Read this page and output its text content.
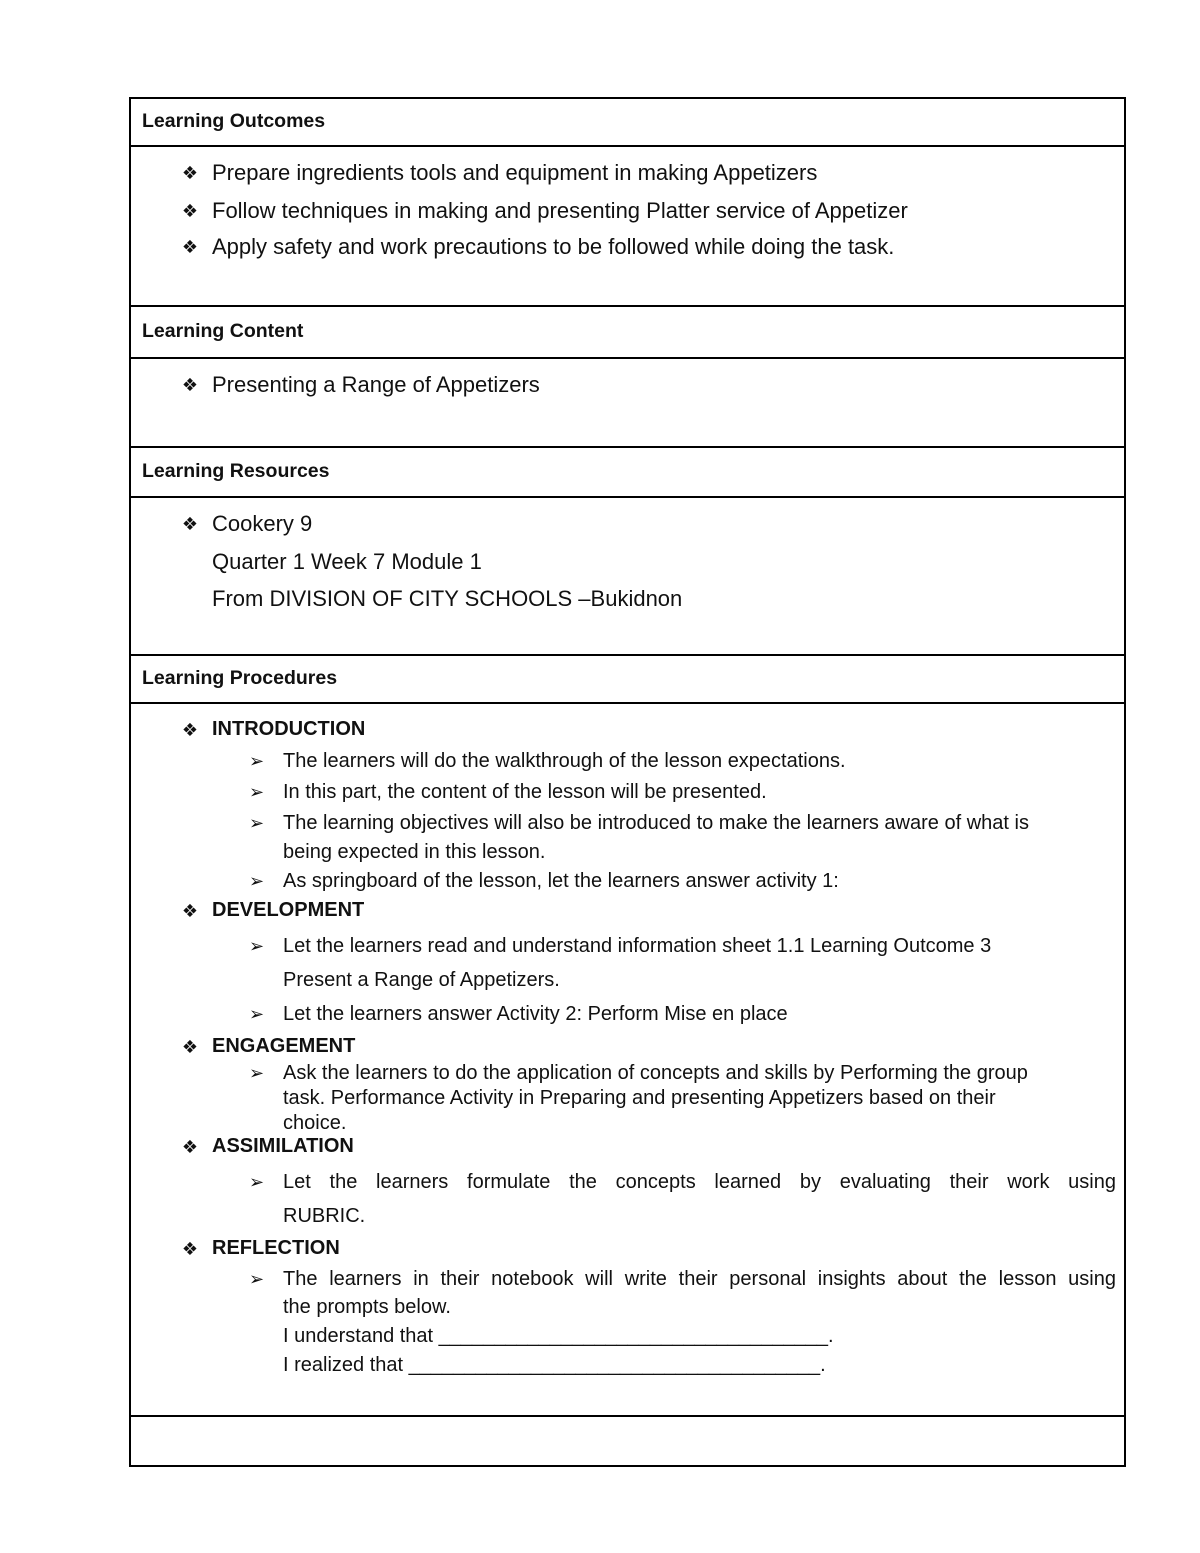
Learning Outcomes
❖ Prepare ingredients tools and equipment in making Appetizers
❖ Follow techniques in making and presenting Platter service of Appetizer
❖ Apply safety and work precautions to be followed while doing the task.
Learning Content
❖ Presenting a Range of Appetizers
Learning Resources
❖ Cookery 9
Quarter 1 Week 7 Module 1
From DIVISION OF CITY SCHOOLS –Bukidnon
Learning Procedures
❖ INTRODUCTION
➢ The learners will do the walkthrough of the lesson expectations.
➢ In this part, the content of the lesson will be presented.
➢ The learning objectives will also be introduced to make the learners aware of what is
being expected in this lesson.
➢ As springboard of the lesson, let the learners answer activity 1:
❖ DEVELOPMENT
➢ Let the learners read and understand information sheet 1.1 Learning Outcome 3
Present a Range of Appetizers.
➢ Let the learners answer Activity 2: Perform Mise en place
❖ ENGAGEMENT
➢ Ask the learners to do the application of concepts and skills by Performing the group
task. Performance Activity in Preparing and presenting Appetizers based on their
choice.
❖ ASSIMILATION
➢ Let the learners formulate the concepts learned by evaluating their work using
RUBRIC.
❖ REFLECTION
➢ The learners in their notebook will write their personal insights about the lesson using
the prompts below.
I understand that ___________________________________.
I realized that _____________________________________.
